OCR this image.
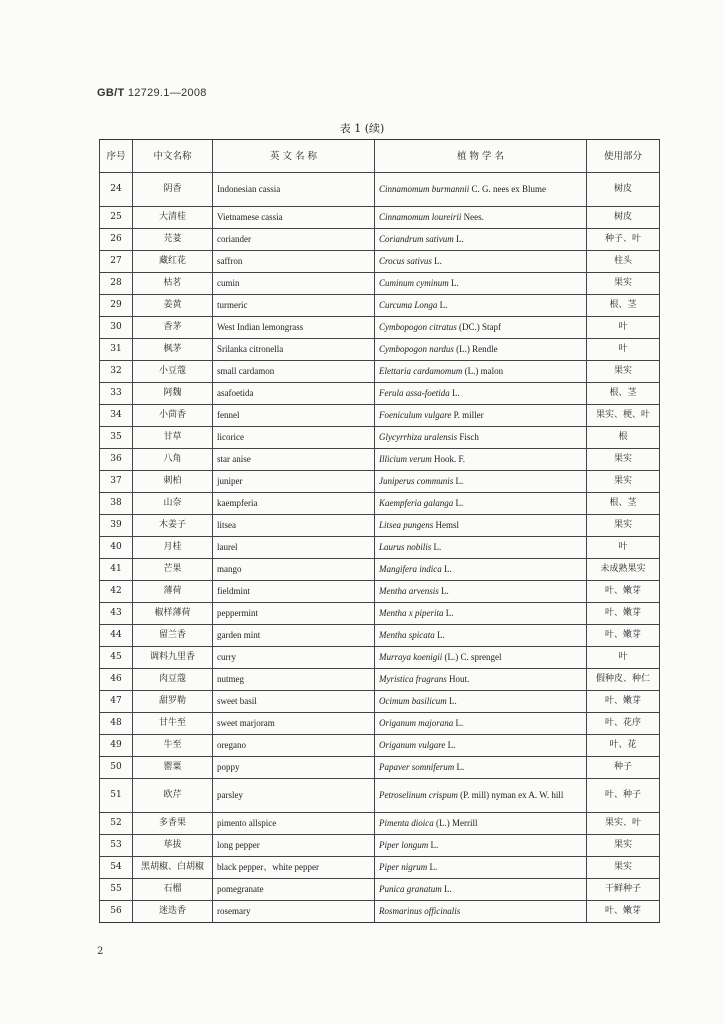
GB/T 12729.1—2008
表 1 (续)
序号	中文名称	英 文 名 称	植 物 学 名	使用部分
24	阴香	Indonesian cassia	Cinnamomum burmannii C. G. nees ex Blume	树皮
25	大清桂	Vietnamese cassia	Cinnamomum loureirii Nees.	树皮
26	芫荽	coriander	Coriandrum sativum L.	种子、叶
27	藏红花	saffron	Crocus sativus L.	柱头
28	枯茗	cumin	Cuminum cyminum L.	果实
29	姜黄	turmeric	Curcuma Longa L.	根、茎
30	香茅	West Indian lemongrass	Cymbopogon citratus (DC.) Stapf	叶
31	枫茅	Srilanka citronella	Cymbopogon nardus (L.) Rendle	叶
32	小豆蔻	small cardamon	Elettaria cardamomum (L.) malon	果实
33	阿魏	asafoetida	Ferula assa-foetida L.	根、茎
34	小茴香	fennel	Foeniculum vulgare P. miller	果实、梗、叶
35	甘草	licorice	Glycyrrhiza uralensis Fisch	根
36	八角	star anise	Illicium verum Hook. F.	果实
37	刺柏	juniper	Juniperus communis L.	果实
38	山奈	kaempferia	Kaempferia galanga L.	根、茎
39	木姜子	litsea	Litsea pungens Hemsl	果实
40	月桂	laurel	Laurus nobilis L.	叶
41	芒果	mango	Mangifera indica L.	未成熟果实
42	薄荷	fieldmint	Mentha arvensis L.	叶、嫩芽
43	椒样薄荷	peppermint	Mentha x piperita L.	叶、嫩芽
44	留兰香	garden mint	Mentha spicata L.	叶、嫩芽
45	调料九里香	curry	Murraya koenigii (L.) C. sprengel	叶
46	肉豆蔻	nutmeg	Myristica fragrans Hout.	假种皮、种仁
47	甜罗勒	sweet basil	Ocimum basilicum L.	叶、嫩芽
48	甘牛至	sweet marjoram	Origanum majorana L.	叶、花序
49	牛至	oregano	Origanum vulgare L.	叶、花
50	罂粟	poppy	Papaver somniferum L.	种子
51	欧芹	parsley	Petroselinum crispum (P. mill) nyman ex A. W. hill	叶、种子
52	多香果	pimento allspice	Pimenta dioica (L.) Merrill	果实、叶
53	荜拔	long pepper	Piper longum L.	果实
54	黑胡椒、白胡椒	black pepper、white pepper	Piper nigrum L.	果实
55	石榴	pomegranate	Punica granatum L.	干鲜种子
56	迷迭香	rosemary	Rosmarinus officinalis	叶、嫩芽
2
